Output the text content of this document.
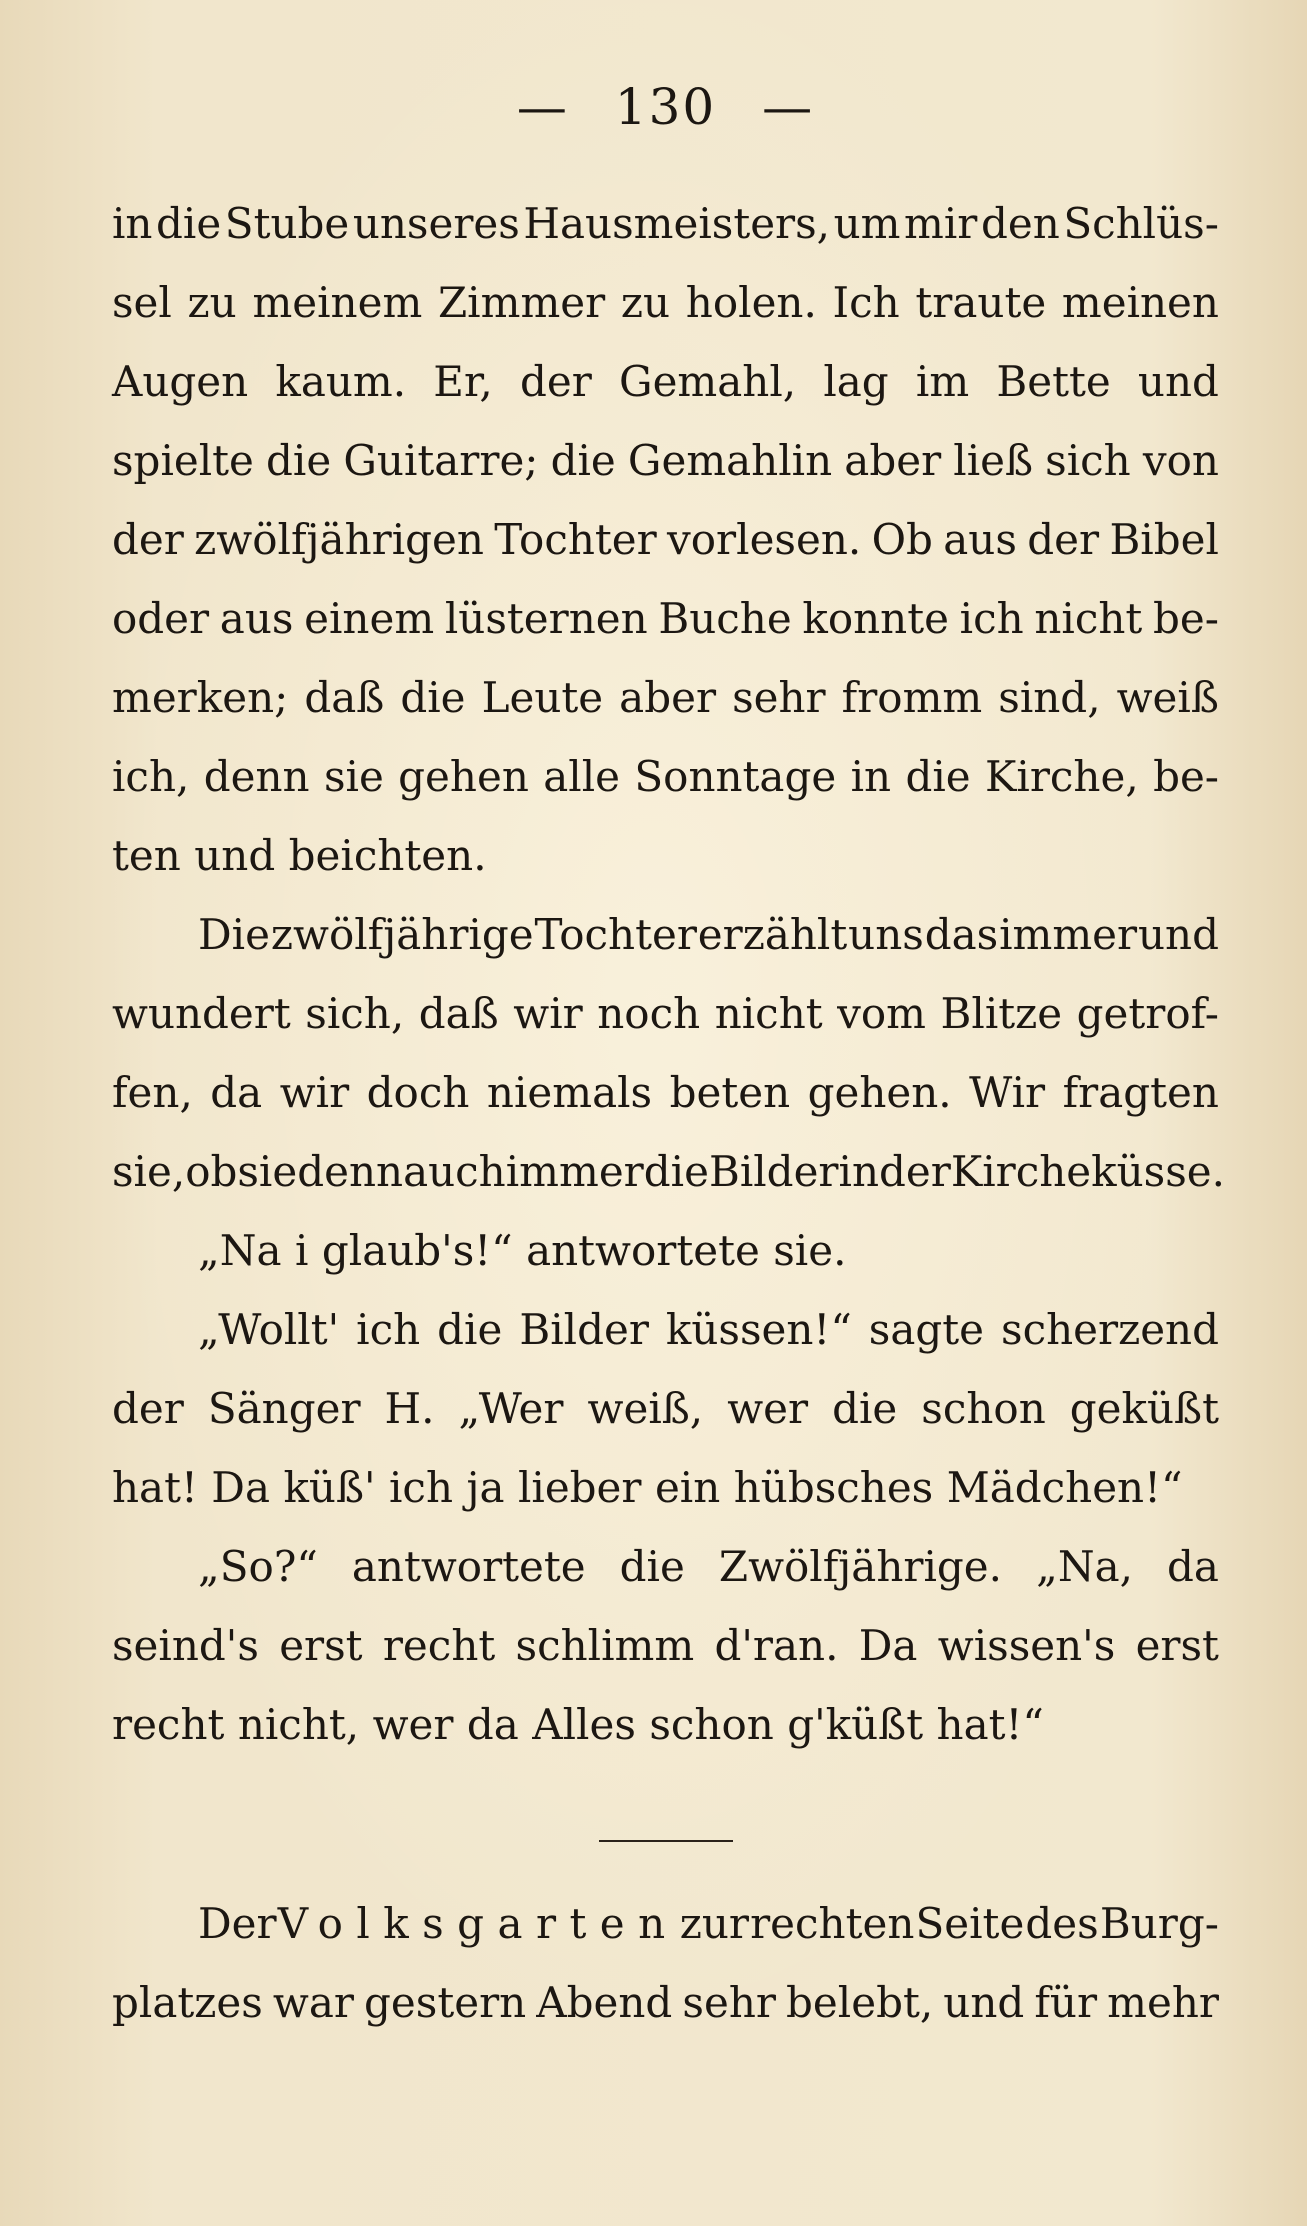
— 130 —
in die Stube unseres Hausmeisters, um mir den Schlüs-
sel zu meinem Zimmer zu holen. Ich traute meinen
Augen kaum. Er, der Gemahl, lag im Bette und
spielte die Guitarre; die Gemahlin aber ließ sich von
der zwölfjährigen Tochter vorlesen. Ob aus der Bibel
oder aus einem lüsternen Buche konnte ich nicht be-
merken; daß die Leute aber sehr fromm sind, weiß
ich, denn sie gehen alle Sonntage in die Kirche, be-
ten und beichten.
Die zwölfjährige Tochter erzählt uns das immer und
wundert sich, daß wir noch nicht vom Blitze getrof-
fen, da wir doch niemals beten gehen. Wir fragten
sie, ob sie denn auch immer die Bilder in der Kirche küsse.
„Na i glaub's!“ antwortete sie.
„Wollt' ich die Bilder küssen!“ sagte scherzend
der Sänger H. „Wer weiß, wer die schon geküßt
hat! Da küß' ich ja lieber ein hübsches Mädchen!“
„So?“ antwortete die Zwölfjährige. „Na, da
seind's erst recht schlimm d'ran. Da wissen's erst
recht nicht, wer da Alles schon g'küßt hat!“
Der Volksgarten zur rechten Seite des Burg-
platzes war gestern Abend sehr belebt, und für mehr
